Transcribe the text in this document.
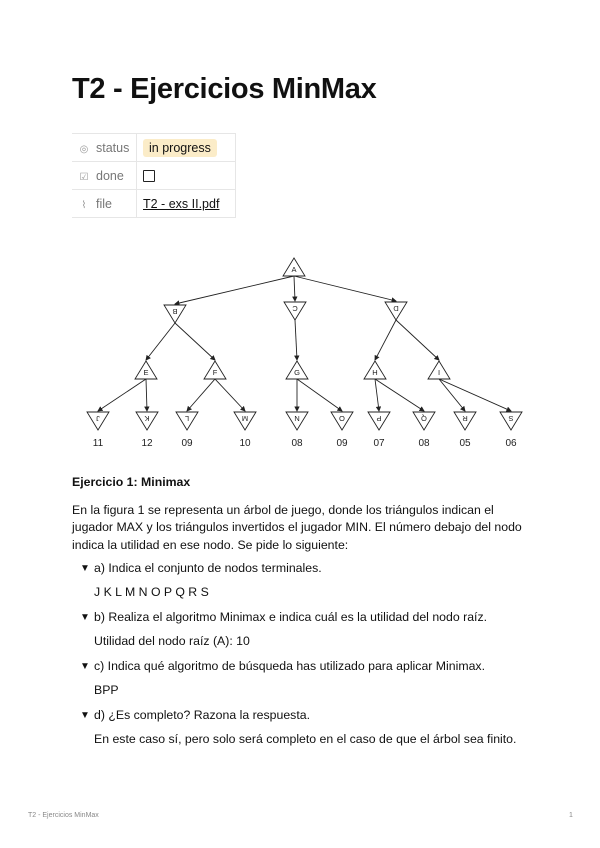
T2 - Ejercicios MinMax
◎ status	in progress
☑ done	
⌇ file	T2 - exs II.pdf
A
B	C	D
E	F	G	H	I
J	K	L	M	N	O	P	Q	R	S
11	12	09	10	08	09	07	08	05	06
Ejercicio 1: Minimax
En la figura 1 se representa un árbol de juego, donde los triángulos indican el jugador MAX y los triángulos invertidos el jugador MIN. El número debajo del nodo indica la utilidad en ese nodo. Se pide lo siguiente:
▼ a) Indica el conjunto de nodos terminales.
J K L M N O P Q R S
▼ b) Realiza el algoritmo Minimax e indica cuál es la utilidad del nodo raíz.
Utilidad del nodo raíz (A): 10
▼ c) Indica qué algoritmo de búsqueda has utilizado para aplicar Minimax.
BPP
▼ d) ¿Es completo? Razona la respuesta.
En este caso sí, pero solo será completo en el caso de que el árbol sea finito.
T2 - Ejercicios MinMax	1
